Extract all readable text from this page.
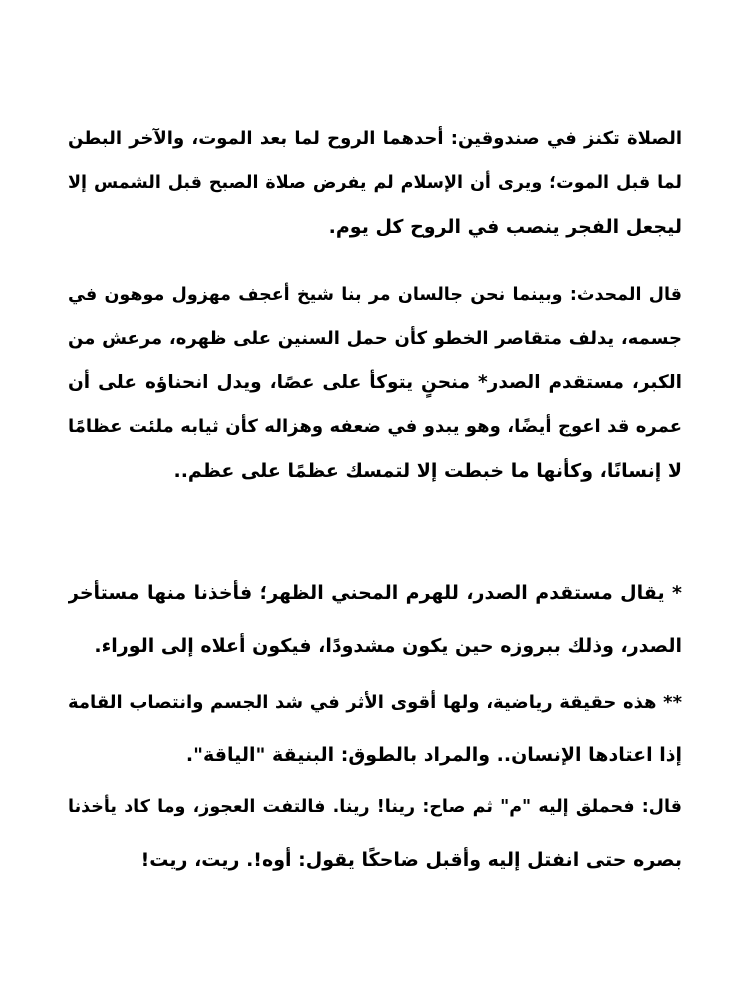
الصلاة تكنز في صندوقين: أحدهما الروح لما بعد الموت، والآخر البطن
لما قبل الموت؛ ويرى أن الإسلام لم يفرض صلاة الصبح قبل الشمس إلا
ليجعل الفجر ينصب في الروح كل يوم.
قال المحدث: وبينما نحن جالسان مر بنا شيخ أعجف مهزول موهون في
جسمه، يدلف متقاصر الخطو كأن حمل السنين على ظهره، مرعش من
الكبر، مستقدم الصدر* منحنٍ يتوكأ على عصًا، ويدل انحناؤه على أن
عمره قد اعوج أيضًا، وهو يبدو في ضعفه وهزاله كأن ثيابه ملئت عظامًا
لا إنسانًا، وكأنها ما خبطت إلا لتمسك عظمًا على عظم..
* يقال مستقدم الصدر، للهرم المحني الظهر؛ فأخذنا منها مستأخر
الصدر، وذلك ببروزه حين يكون مشدودًا، فيكون أعلاه إلى الوراء.
** هذه حقيقة رياضية، ولها أقوى الأثر في شد الجسم وانتصاب القامة
إذا اعتادها الإنسان.. والمراد بالطوق: البنيقة "الياقة".
قال: فحملق إليه "م" ثم صاح: رينا! رينا. فالتفت العجوز، وما كاد يأخذنا
بصره حتى انفتل إليه وأقبل ضاحكًا يقول: أوه!. ريت، ريت!
